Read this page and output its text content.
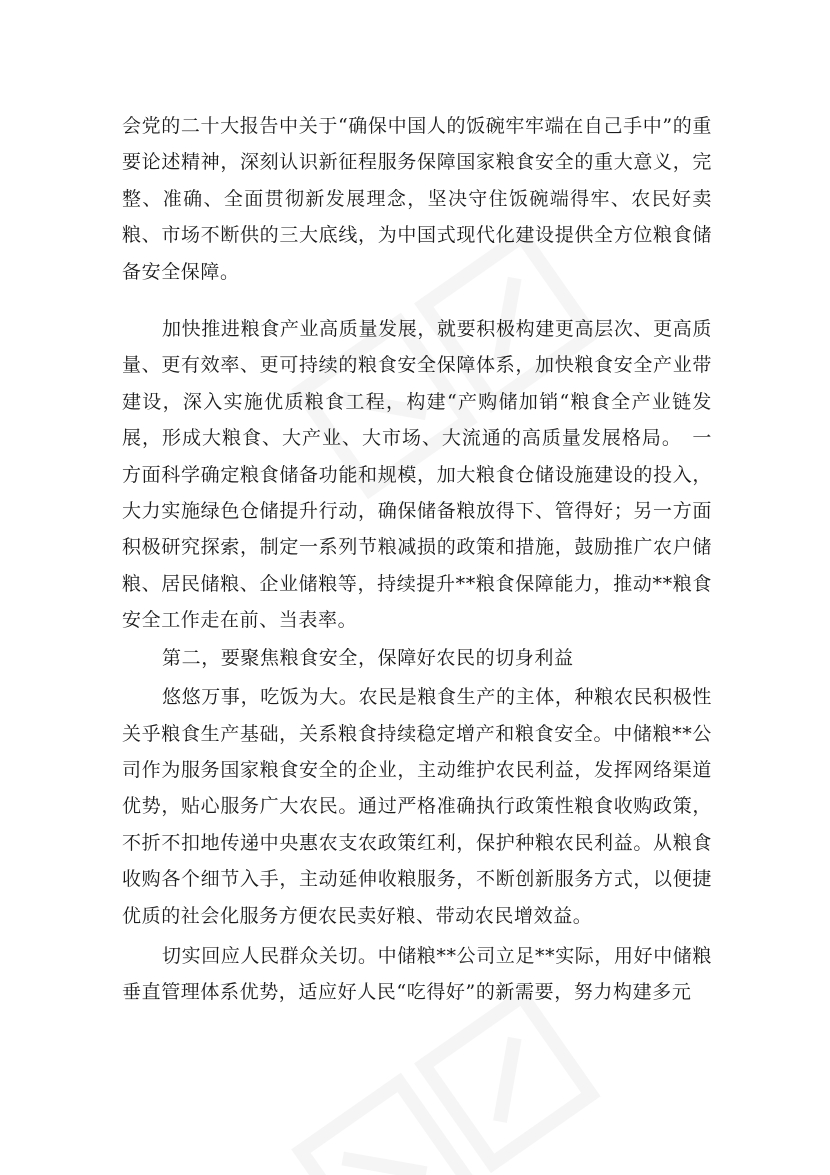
会党的二十大报告中关于“确保中国人的饭碗牢牢端在自己手中”的重要论述精神，深刻认识新征程服务保障国家粮食安全的重大意义，完整、准确、全面贯彻新发展理念，坚决守住饭碗端得牢、农民好卖粮、市场不断供的三大底线，为中国式现代化建设提供全方位粮食储备安全保障。

加快推进粮食产业高质量发展，就要积极构建更高层次、更高质量、更有效率、更可持续的粮食安全保障体系，加快粮食安全产业带建设，深入实施优质粮食工程，构建“产购储加销“粮食全产业链发展，形成大粮食、大产业、大市场、大流通的高质量发展格局。　一方面科学确定粮食储备功能和规模，加大粮食仓储设施建设的投入，大力实施绿色仓储提升行动，确保储备粮放得下、管得好；另一方面积极研究探索，制定一系列节粮减损的政策和措施，鼓励推广农户储粮、居民储粮、企业储粮等，持续提升**粮食保障能力，推动**粮食安全工作走在前、当表率。

第二，要聚焦粮食安全，保障好农民的切身利益

悠悠万事，吃饭为大。农民是粮食生产的主体，种粮农民积极性关乎粮食生产基础，关系粮食持续稳定增产和粮食安全。中储粮**公司作为服务国家粮食安全的企业，主动维护农民利益，发挥网络渠道优势，贴心服务广大农民。通过严格准确执行政策性粮食收购政策，不折不扣地传递中央惠农支农政策红利，保护种粮农民利益。从粮食收购各个细节入手，主动延伸收粮服务，不断创新服务方式，以便捷优质的社会化服务方便农民卖好粮、带动农民增效益。

切实回应人民群众关切。中储粮**公司立足**实际，用好中储粮垂直管理体系优势，适应好人民“吃得好”的新需要，努力构建多元
